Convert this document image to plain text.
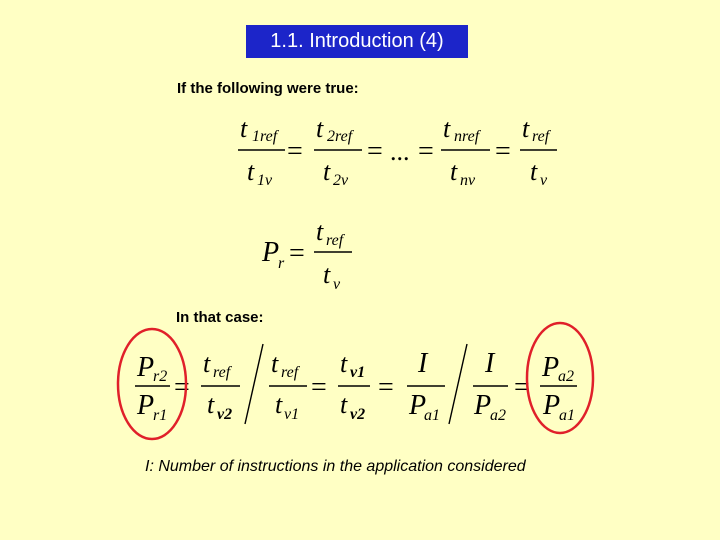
1.1. Introduction (4)
If the following were true:
In that case:
I: Number of instructions in the application considered
t 1ref
t 1v
=
t 2ref
t 2v
= ... =
t nref
t nv
=
t ref
t v
P
r =
t ref
t v
P
r2
P
r1
=
t ref
t v2
t ref
t v1
=
t v1
t v2
=
I
P
a1
I
P
a2
=
P
a2
P
a1
